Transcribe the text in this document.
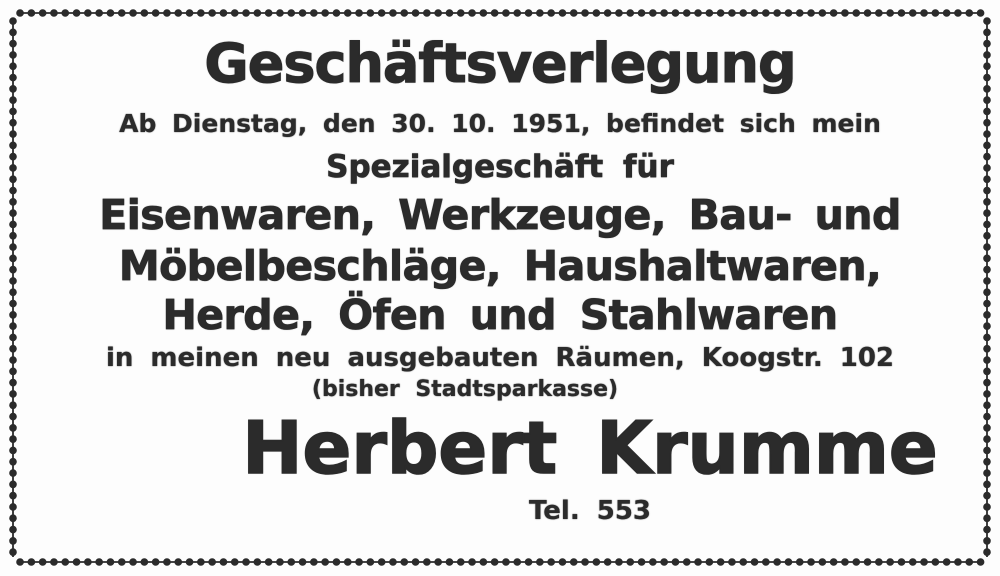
Geschäftsverlegung
Ab Dienstag, den 30. 10. 1951, befindet sich mein
Spezialgeschäft für
Eisenwaren, Werkzeuge, Bau- und
Möbelbeschläge, Haushaltwaren,
Herde, Öfen und Stahlwaren
in meinen neu ausgebauten Räumen, Koogstr. 102
(bisher Stadtsparkasse)
Herbert Krumme
Tel. 553
